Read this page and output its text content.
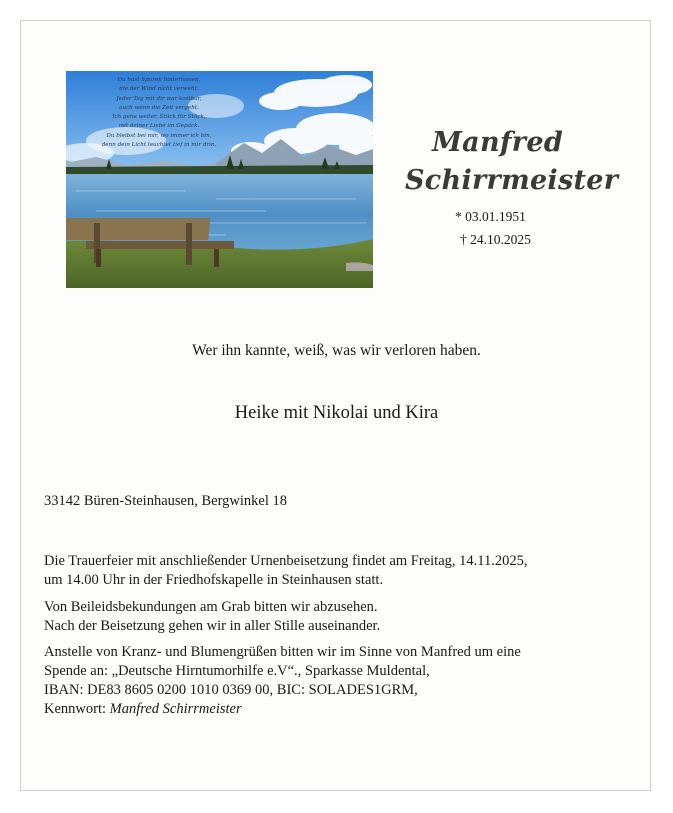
Du hast Spuren hinterlassen,
die der Wind nicht verweht.
Jeder Tag mit dir war kostbar,
auch wenn die Zeit vergeht.
Ich gehe weiter, Stück für Stück,
mit deiner Liebe im Gepäck.
Du bleibst bei mir, wo immer ich bin,
denn dein Licht leuchtet tief in mir drin.	Manfred
Schirrmeister
* 03.01.1951
† 24.10.2025
Wer ihn kannte, weiß, was wir verloren haben.
Heike mit Nikolai und Kira
33142 Büren-Steinhausen, Bergwinkel 18
Die Trauerfeier mit anschließender Urnenbeisetzung findet am Freitag, 14.11.2025,
um 14.00 Uhr in der Friedhofskapelle in Steinhausen statt.
Von Beileidsbekundungen am Grab bitten wir abzusehen.
Nach der Beisetzung gehen wir in aller Stille auseinander.
Anstelle von Kranz- und Blumengrüßen bitten wir im Sinne von Manfred um eine
Spende an: „Deutsche Hirntumorhilfe e.V“., Sparkasse Muldental,
IBAN: DE83 8605 0200 1010 0369 00, BIC: SOLADES1GRM,
Kennwort: Manfred Schirrmeister
